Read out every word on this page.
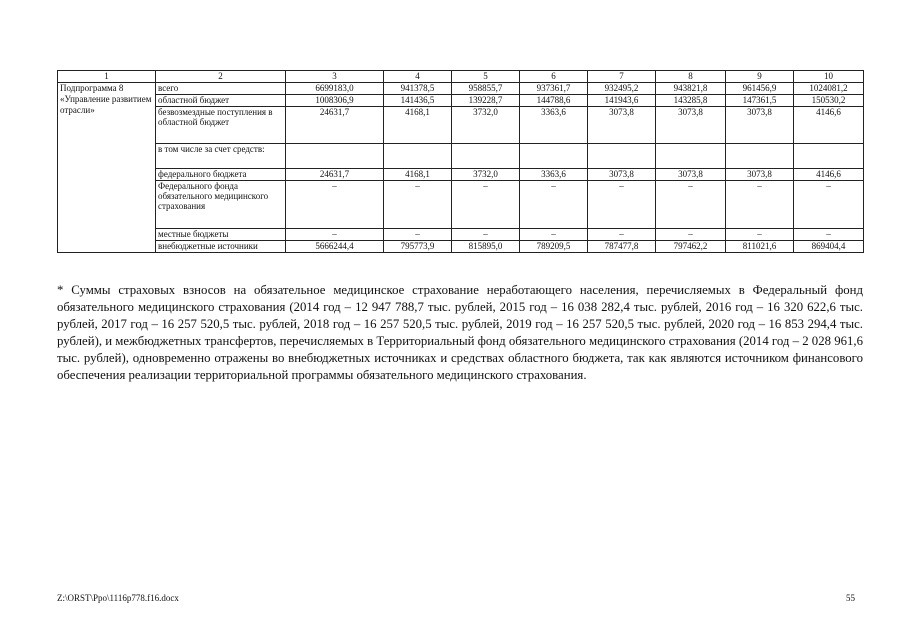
1	2	3	4	5	6	7	8	9	10
Подпрограмма 8 «Управление развитием отрасли»	всего	6699183,0	941378,5	958855,7	937361,7	932495,2	943821,8	961456,9	1024081,2
	областной бюджет	1008306,9	141436,5	139228,7	144788,6	141943,6	143285,8	147361,5	150530,2
	безвозмездные поступления в областной бюджет	24631,7	4168,1	3732,0	3363,6	3073,8	3073,8	3073,8	4146,6
	в том числе за счет средств:								
	федерального бюджета	24631,7	4168,1	3732,0	3363,6	3073,8	3073,8	3073,8	4146,6
	Федерального фонда обязательного медицинского страхования	–	–	–	–	–	–	–	–
	местные бюджеты	–	–	–	–	–	–	–	–
	внебюджетные источники	5666244,4	795773,9	815895,0	789209,5	787477,8	797462,2	811021,6	869404,4

* Суммы страховых взносов на обязательное медицинское страхование неработающего населения, перечисляемых в Федеральный фонд обязательного медицинского страхования (2014 год – 12 947 788,7 тыс. рублей, 2015 год – 16 038 282,4 тыс. рублей, 2016 год – 16 320 622,6 тыс. рублей, 2017 год – 16 257 520,5 тыс. рублей, 2018 год – 16 257 520,5 тыс. рублей, 2019 год – 16 257 520,5 тыс. рублей, 2020 год – 16 853 294,4 тыс. рублей), и межбюджетных трансфертов, перечисляемых в Территориальный фонд обязательного медицинского страхования (2014 год – 2 028 961,6 тыс. рублей), одновременно отражены во внебюджетных источниках и средствах областного бюджета, так как являются источником финансового обеспечения реализации территориальной программы обязательного медицинского страхования.

Z:\ORST\Ppo\1116p778.f16.docx	55
